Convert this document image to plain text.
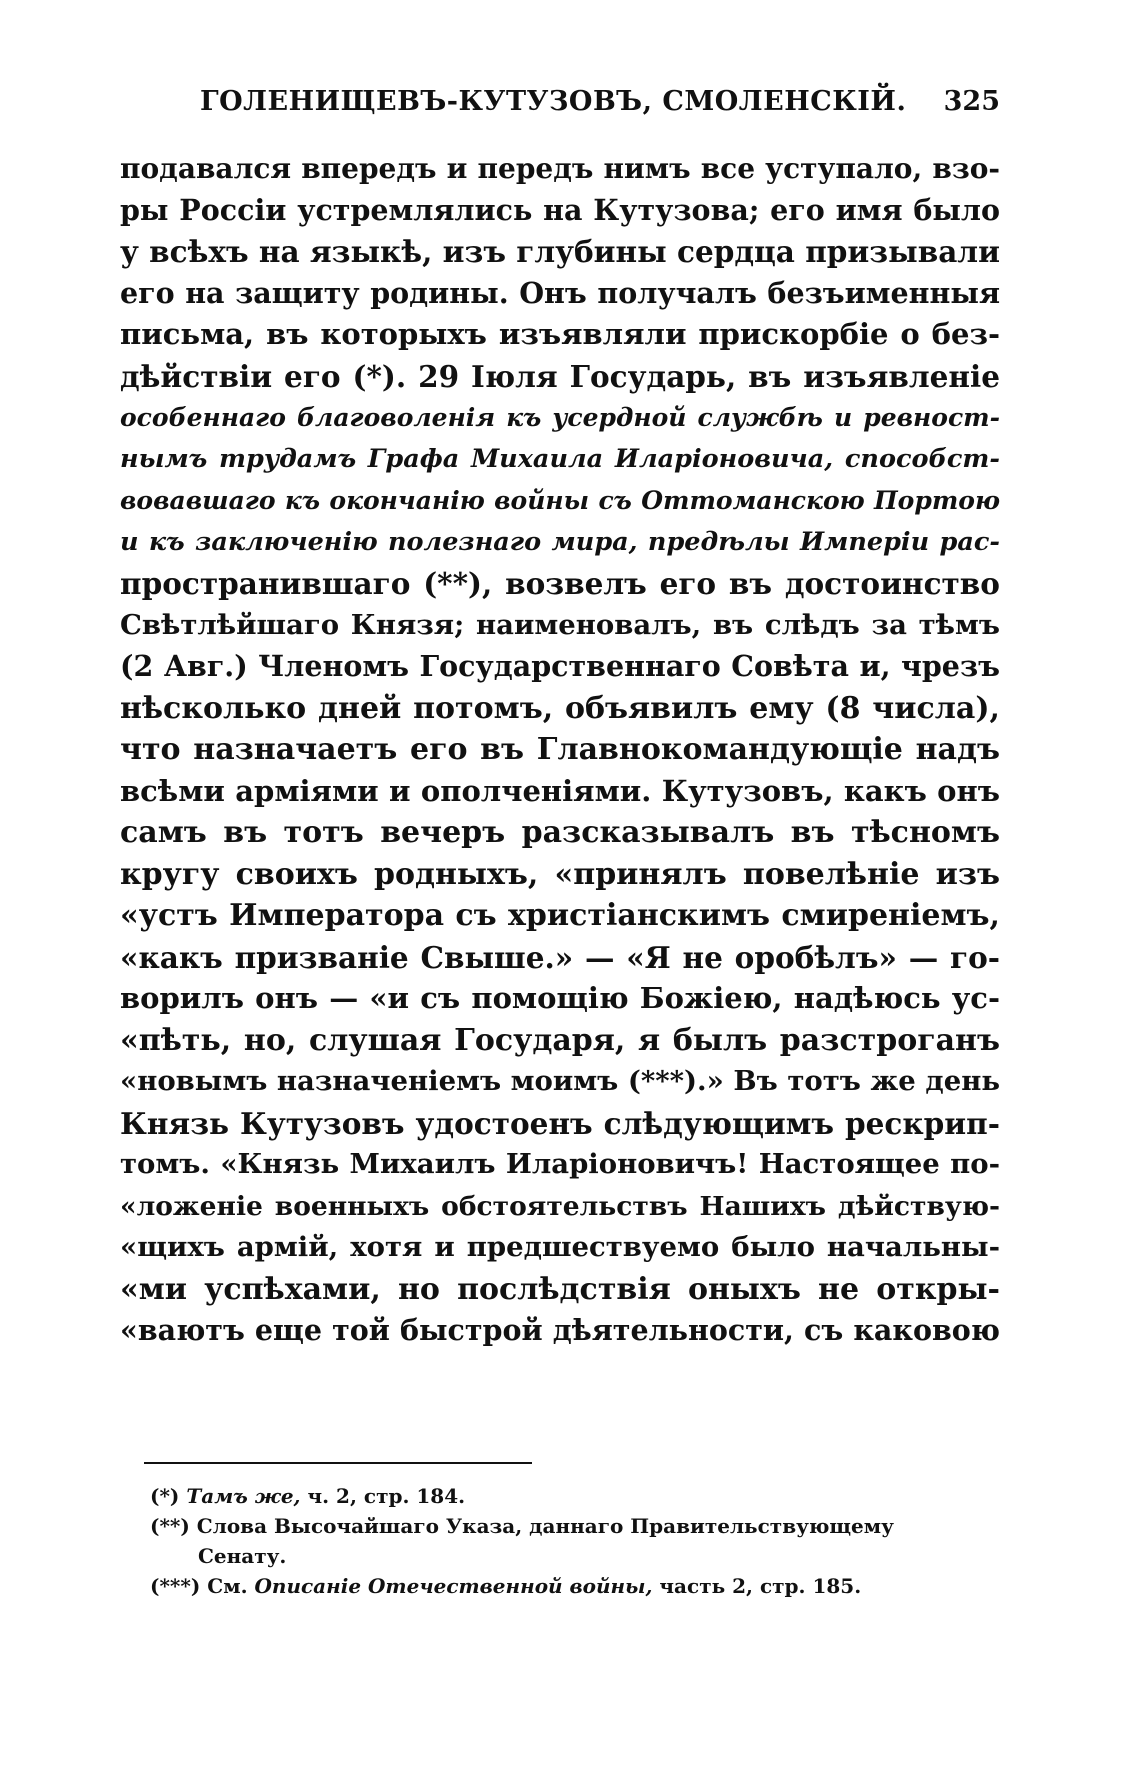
ГОЛЕНИЩЕВЪ-КУТУЗОВЪ, СМОЛЕНСКIЙ. 325
подавался впередъ и передъ нимъ все уступало, взо-
ры Россiи устремлялись на Кутузова; его имя было
у всѣхъ на языкѣ, изъ глубины сердца призывали
его на защиту родины. Онъ получалъ безъименныя
письма, въ которыхъ изъявляли прискорбiе о без-
дѣйствiи его (*). 29 Iюля Государь, въ изъявленiе
особеннаго благоволенiя къ усердной службѣ и ревност-
нымъ трудамъ Графа Михаила Иларiоновича, способст-
вовавшаго къ окончанiю войны съ Оттоманскою Портою
и къ заключенiю полезнаго мира, предѣлы Имперiи рас-
пространившаго (**), возвелъ его въ достоинство
Свѣтлѣйшаго Князя; наименовалъ, въ слѣдъ за тѣмъ
(2 Авг.) Членомъ Государственнаго Совѣта и, чрезъ
нѣсколько дней потомъ, объявилъ ему (8 числа),
что назначаетъ его въ Главнокомандующiе надъ
всѣми армiями и ополченiями. Кутузовъ, какъ онъ
самъ въ тотъ вечеръ разсказывалъ въ тѣсномъ
кругу своихъ родныхъ, «принялъ повелѣнiе изъ
«устъ Императора съ христiанскимъ смиренiемъ,
«какъ призванiе Свыше.» — «Я не оробѣлъ» — го-
ворилъ онъ — «и съ помощiю Божiею, надѣюсь ус-
«пѣть, но, слушая Государя, я былъ разстроганъ
«новымъ назначенiемъ моимъ (***).» Въ тотъ же день
Князь Кутузовъ удостоенъ слѣдующимъ рескрип-
томъ. «Князь Михаилъ Иларiоновичъ! Настоящее по-
«ложенiе военныхъ обстоятельствъ Нашихъ дѣйствую-
«щихъ армiй, хотя и предшествуемо было начальны-
«ми успѣхами, но послѣдствiя оныхъ не откры-
«ваютъ еще той быстрой дѣятельности, съ каковою
(*) Тамъ же, ч. 2, стр. 184.
(**) Слова Высочайшаго Указа, даннаго Правительствующему
Сенату.
(***) См. Описанiе Отечественной войны, часть 2, стр. 185.
